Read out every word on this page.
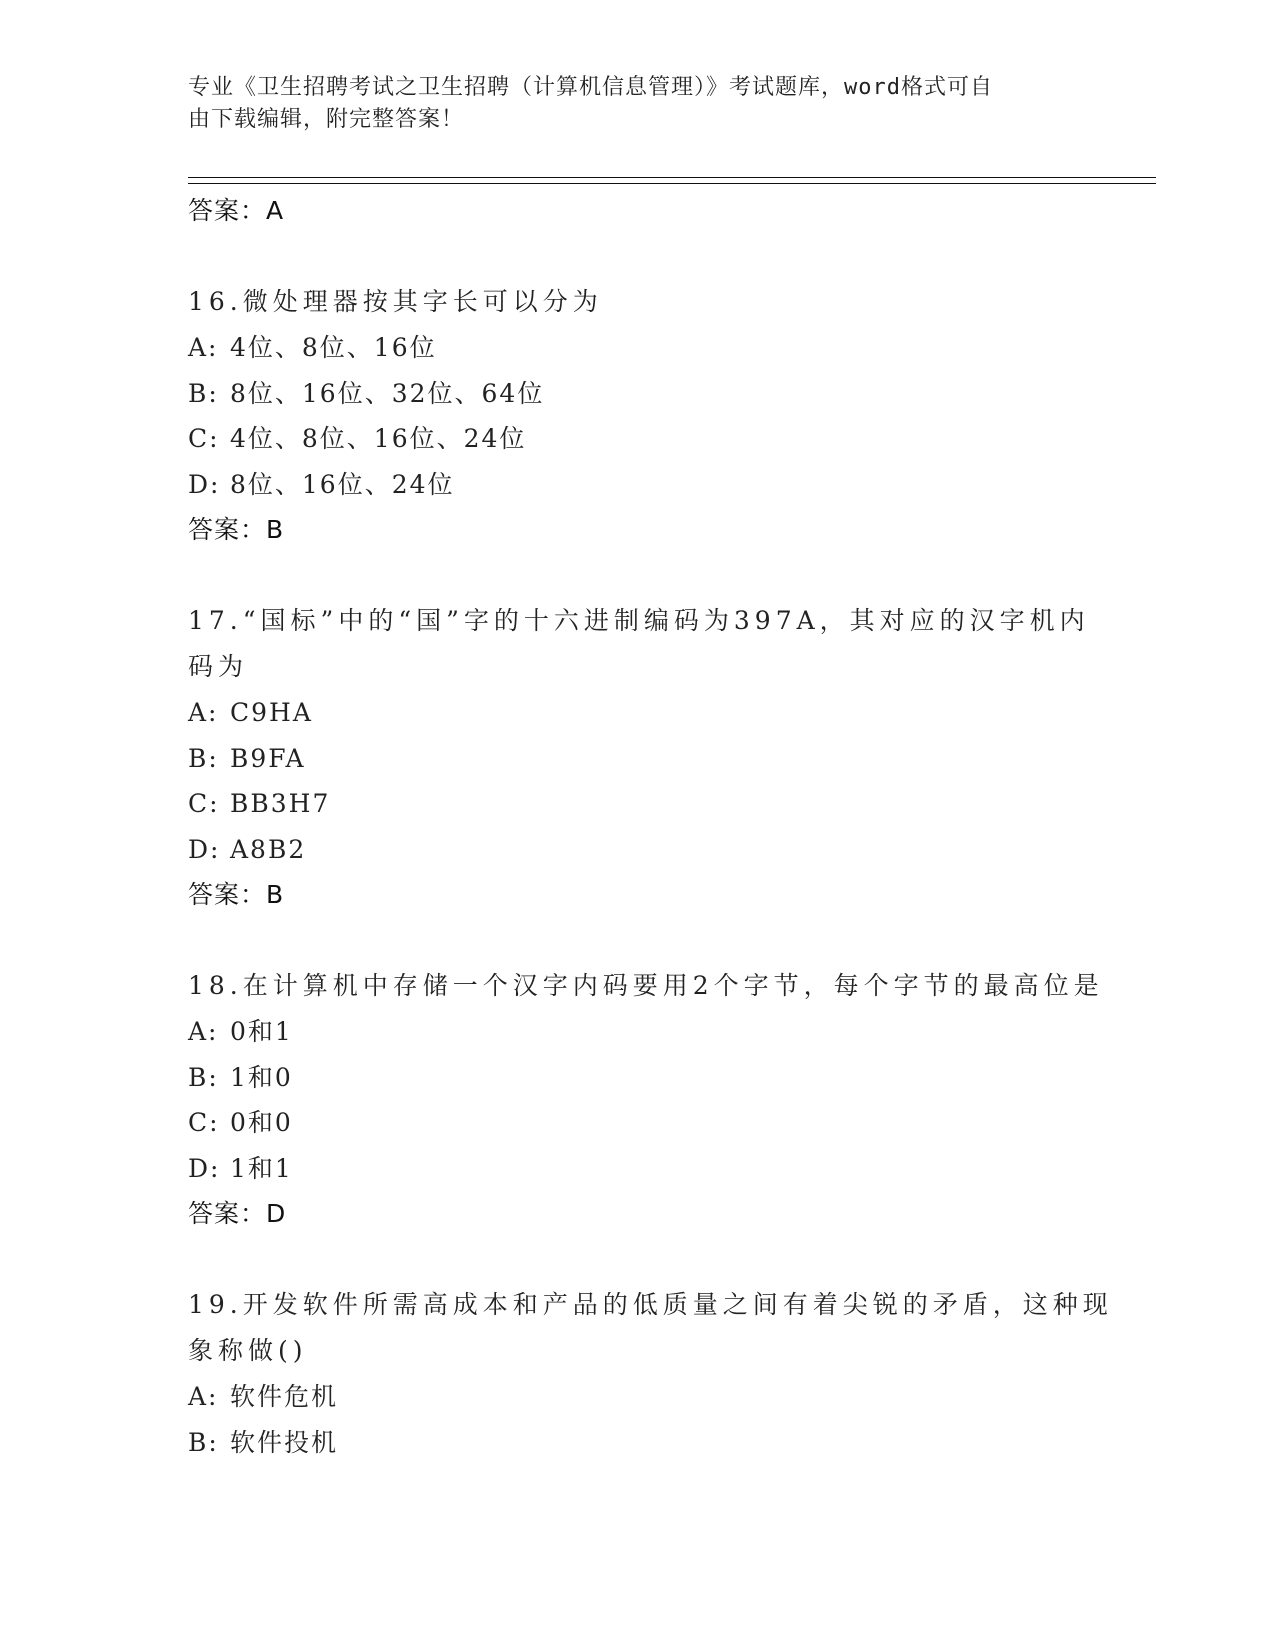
专业《卫生招聘考试之卫生招聘（计算机信息管理）》考试题库，word格式可自

由下载编辑，附完整答案！

答案：A

16.微处理器按其字长可以分为

A: 4位、8位、16位
B: 8位、16位、32位、64位
C: 4位、8位、16位、24位
D: 8位、16位、24位
答案：B

17.“国标”中的“国”字的十六进制编码为397A，其对应的汉字机内

码为

A: C9HA
B: B9FA
C: BB3H7
D: A8B2
答案：B

18.在计算机中存储一个汉字内码要用2个字节，每个字节的最高位是

A: 0和1
B: 1和0
C: 0和0
D: 1和1
答案：D

19.开发软件所需高成本和产品的低质量之间有着尖锐的矛盾，这种现

象称做()

A: 软件危机
B: 软件投机
